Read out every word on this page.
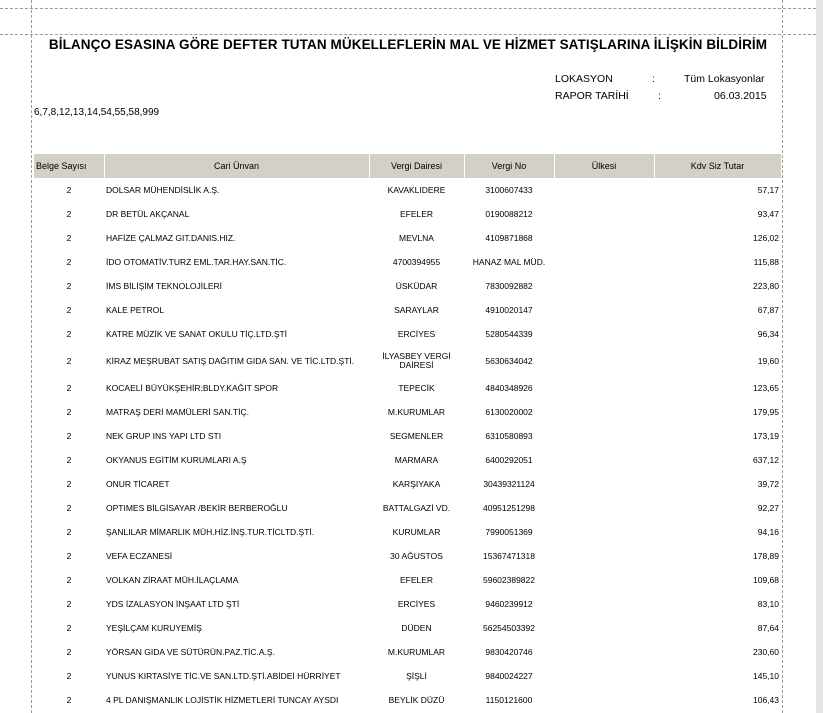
BİLANÇO ESASINA GÖRE DEFTER TUTAN MÜKELLEFLERİN MAL VE HİZMET SATIŞLARINA İLİŞKİN BİLDİRİM
LOKASYON	:	Tüm Lokasyonlar
RAPOR TARİHİ	:	06.03.2015
6,7,8,12,13,14,54,55,58,999
Belge Sayısı	Cari Ünvan	Vergi Dairesi	Vergi No	Ülkesi	Kdv Siz Tutar
2	DOLSAR MÜHENDİSLİK A.Ş.	KAVAKLIDERE	3100607433		57,17
2	DR BETÜL AKÇANAL	EFELER	0190088212		93,47
2	HAFİZE ÇALMAZ GIT.DANIS.HIZ.	MEVLNA	4109871868		126,02
2	İDO OTOMATİV.TURZ EML.TAR.HAY.SAN.TİC.	4700394955	HANAZ MAL MÜD.		115,88
2	İMS BİLİŞİM TEKNOLOJİLERİ	ÜSKÜDAR	7830092882		223,80
2	KALE PETROL	SARAYLAR	4910020147		67,87
2	KATRE MÜZİK VE SANAT OKULU TİÇ.LTD.ŞTİ	ERCİYES	5280544339		96,34
2	KİRAZ MEŞRUBAT SATIŞ DAĞITIM GIDA SAN. VE TİC.LTD.ŞTİ.	İLYASBEY VERGİ DAİRESİ	5630634042		19,60
2	KOCAELİ BÜYÜKŞEHİR:BLDY.KAĞIT SPOR	TEPECİK	4840348926		123,65
2	MATRAŞ DERİ MAMÜLERİ SAN.TİÇ.	M.KURUMLAR	6130020002		179,95
2	NEK GRUP INS YAPI LTD STI	SEGMENLER	6310580893		173,19
2	OKYANUS EGİTİM KURUMLARI A.Ş	MARMARA	6400292051		637,12
2	ONUR TİCARET	KARŞIYAKA	30439321124		39,72
2	OPTIMES BİLGİSAYAR /BEKİR BERBEROĞLU	BATTALGAZİ VD.	40951251298		92,27
2	ŞANLILAR MİMARLIK MÜH.HİZ.İNŞ.TUR.TİCLTD.ŞTİ.	KURUMLAR	7990051369		94,16
2	VEFA ECZANESİ	30 AĞUSTOS	15367471318		178,89
2	VOLKAN ZİRAAT MÜH.İLAÇLAMA	EFELER	59602389822		109,68
2	YDS İZALASYON İNŞAAT LTD ŞTİ	ERCİYES	9460239912		83,10
2	YEŞİLÇAM KURUYEMİŞ	DÜDEN	56254503392		87,64
2	YÖRSAN GIDA VE SÜTÜRÜN.PAZ.TİC.A.Ş.	M.KURUMLAR	9830420746		230,60
2	YUNUS KIRTASİYE TİC.VE SAN.LTD.ŞTİ.ABİDEİ HÜRRİYET	ŞİŞLİ	9840024227		145,10
2	4 PL DANIŞMANLIK LOJİSTİK HİZMETLERİ TUNCAY AYSDI	BEYLİK DÜZÜ	1150121600		106,43
